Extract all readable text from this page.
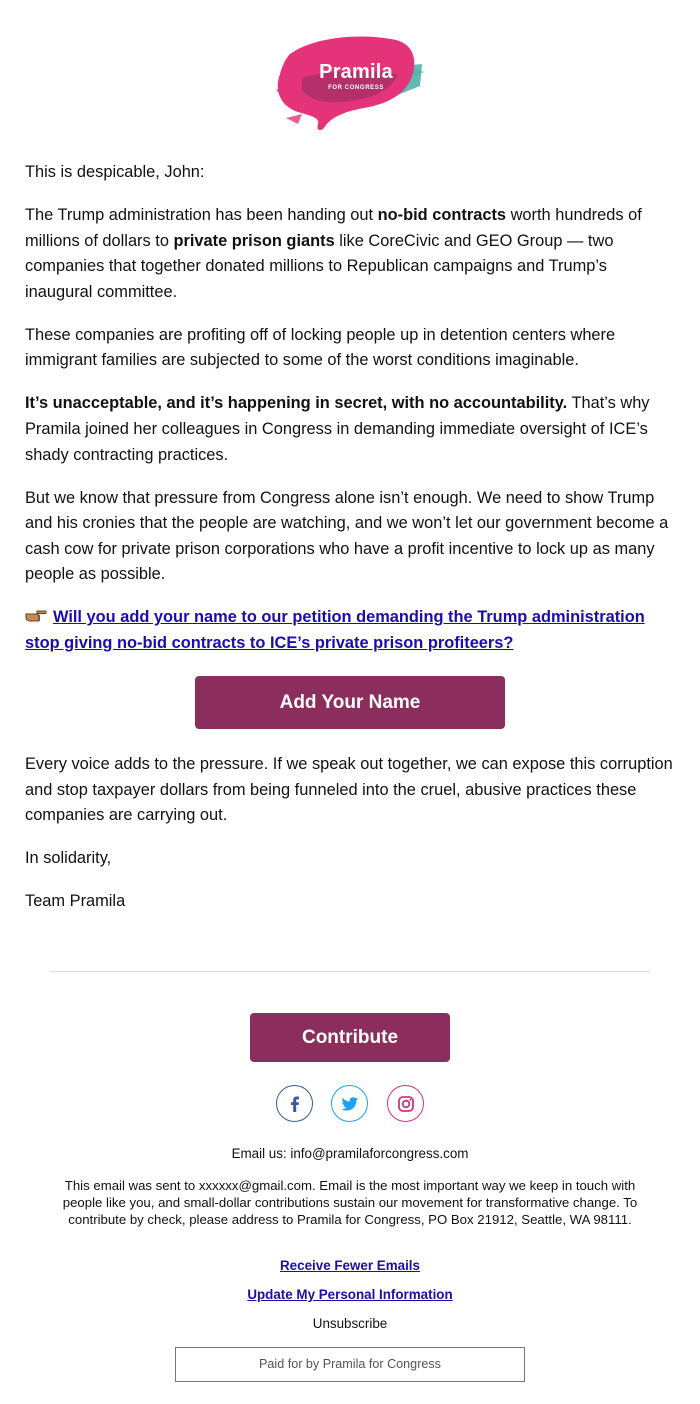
Pramila
FOR CONGRESS

This is despicable, John:

The Trump administration has been handing out no-bid contracts worth hundreds of millions of dollars to private prison giants like CoreCivic and GEO Group — two companies that together donated millions to Republican campaigns and Trump’s inaugural committee.

These companies are profiting off of locking people up in detention centers where immigrant families are subjected to some of the worst conditions imaginable.

It’s unacceptable, and it’s happening in secret, with no accountability. That’s why Pramila joined her colleagues in Congress in demanding immediate oversight of ICE’s shady contracting practices.

But we know that pressure from Congress alone isn’t enough. We need to show Trump and his cronies that the people are watching, and we won’t let our government become a cash cow for private prison corporations who have a profit incentive to lock up as many people as possible.

Will you add your name to our petition demanding the Trump administration stop giving no-bid contracts to ICE’s private prison profiteers?

Add Your Name

Every voice adds to the pressure. If we speak out together, we can expose this corruption and stop taxpayer dollars from being funneled into the cruel, abusive practices these companies are carrying out.

In solidarity,

Team Pramila

Contribute
Email us: info@pramilaforcongress.com
This email was sent to xxxxxx@gmail.com. Email is the most important way we keep in touch with people like you, and small-dollar contributions sustain our movement for transformative change. To contribute by check, please address to Pramila for Congress, PO Box 21912, Seattle, WA 98111.
Receive Fewer Emails
Update My Personal Information
Unsubscribe
Paid for by Pramila for Congress
